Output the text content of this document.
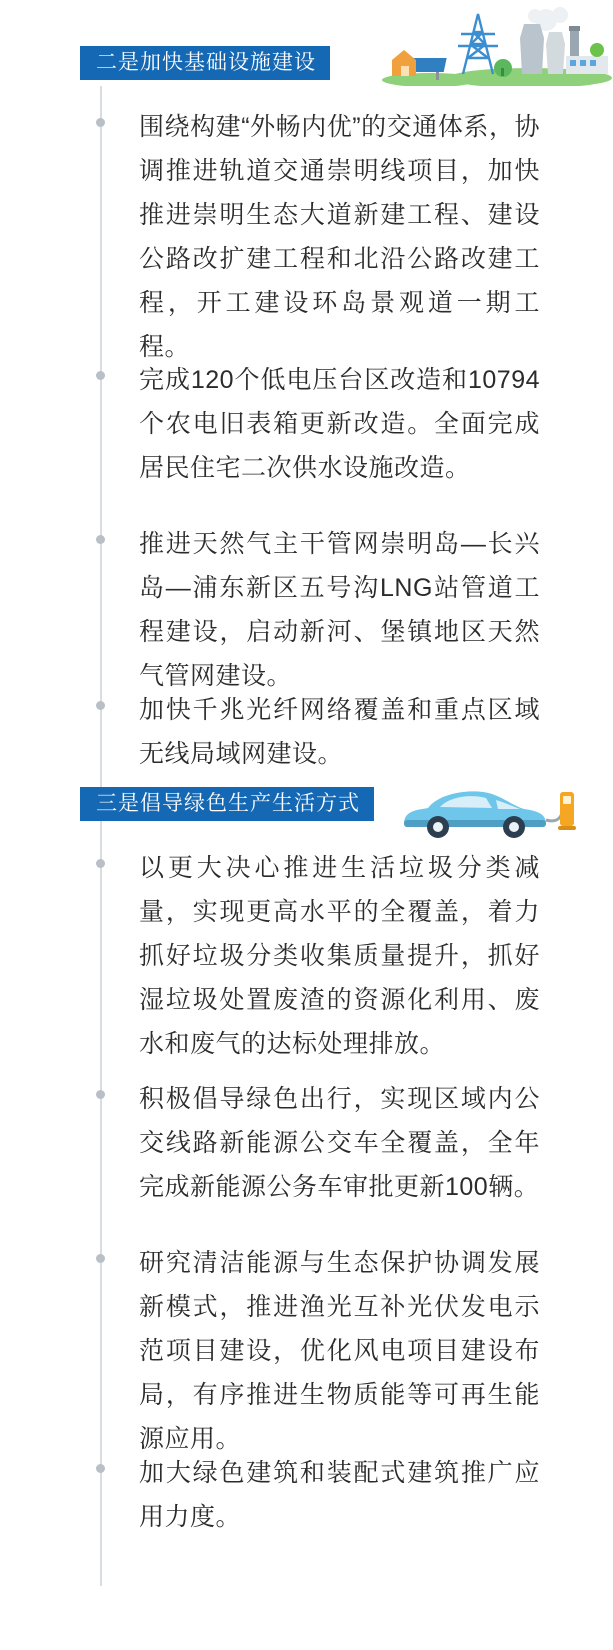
二是加快基础设施建设
围绕构建“外畅内优”的交通体系，协调推进轨道交通崇明线项目，加快推进崇明生态大道新建工程、建设公路改扩建工程和北沿公路改建工程，开工建设环岛景观道一期工程。
完成120个低电压台区改造和10794个农电旧表箱更新改造。全面完成居民住宅二次供水设施改造。
推进天然气主干管网崇明岛—长兴岛—浦东新区五号沟LNG站管道工程建设，启动新河、堡镇地区天然气管网建设。
加快千兆光纤网络覆盖和重点区域无线局域网建设。
三是倡导绿色生产生活方式
以更大决心推进生活垃圾分类减量，实现更高水平的全覆盖，着力抓好垃圾分类收集质量提升，抓好湿垃圾处置废渣的资源化利用、废水和废气的达标处理排放。
积极倡导绿色出行，实现区域内公交线路新能源公交车全覆盖，全年完成新能源公务车审批更新100辆。
研究清洁能源与生态保护协调发展新模式，推进渔光互补光伏发电示范项目建设，优化风电项目建设布局，有序推进生物质能等可再生能源应用。
加大绿色建筑和装配式建筑推广应用力度。
